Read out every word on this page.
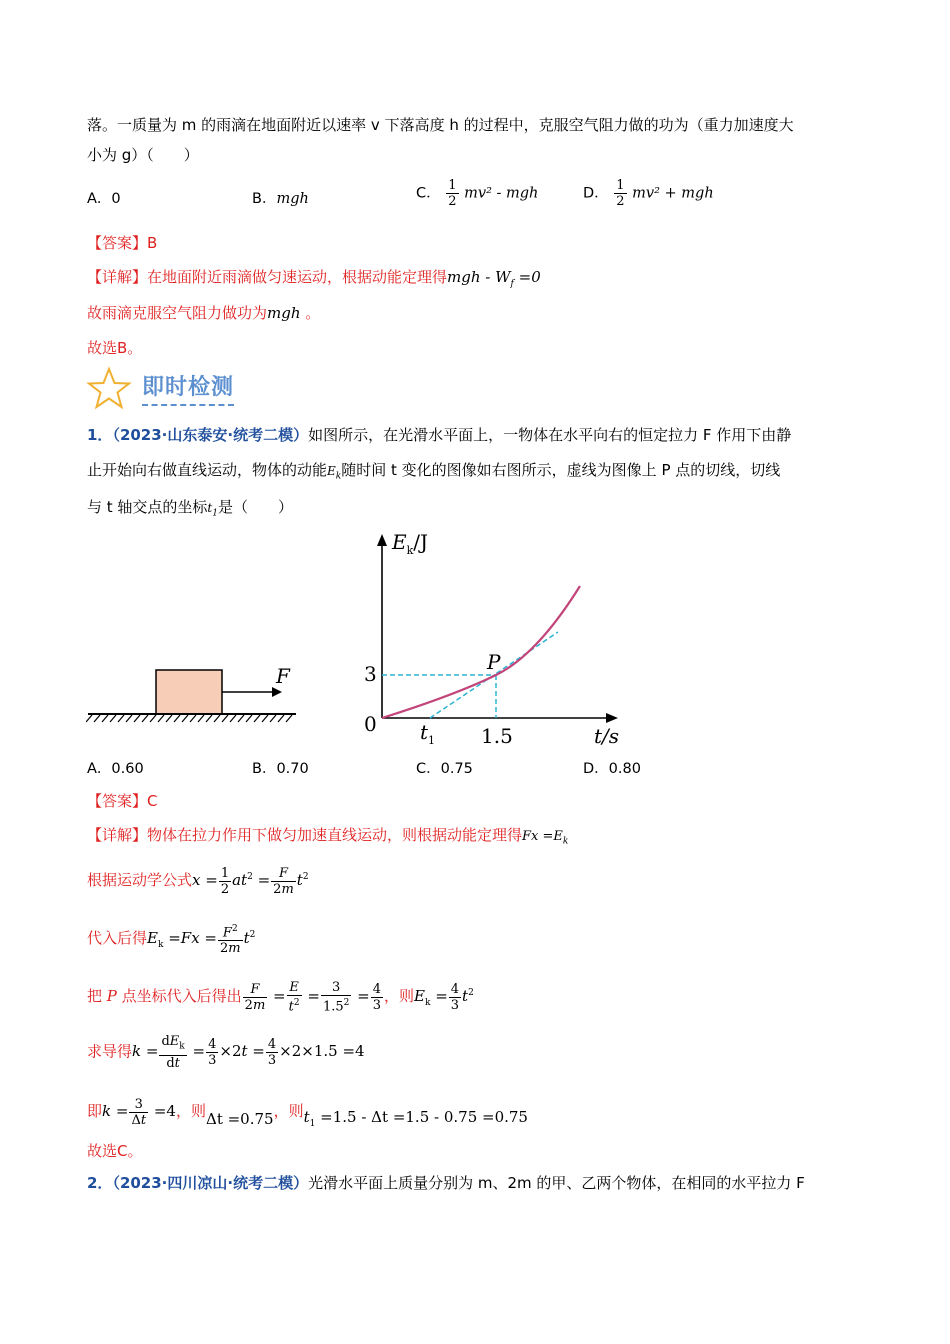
落。一质量为 m 的雨滴在地面附近以速率 v 下落高度 h 的过程中，克服空气阻力做的功为（重力加速度大
小为 g）（　　）
A．0	B．mgh	C． $\frac{1}{2} mv^2$ - mgh	D． $\frac{1}{2} mv^2$ + mgh
【答案】B
【详解】在地面附近雨滴做匀速运动，根据动能定理得mgh - $W_f =0$
故雨滴克服空气阻力做功为mgh 。
故选B。
即时检测
1．（2023·山东泰安·统考二模）如图所示，在光滑水平面上，一物体在水平向右的恒定拉力 F 作用下由静
止开始向右做直线运动，物体的动能$E_k$随时间 t 变化的图像如右图所示，虚线为图像上 P 点的切线，切线
与 t 轴交点的坐标$t_1$是（　　）
F
$E_k/J$
3
0
P
$t_1$ 1.5	t/s
A．0.60	B．0.70	C．0.75	D．0.80
【答案】C
【详解】物体在拉力作用下做匀加速直线运动，则根据动能定理得$Fx =E_k$
根据运动学公式$x = \frac{1}{2} at^2 = \frac{F}{2m} t^2$
代入后得$E_k =Fx = \frac{F^2}{2m} t^2$
把 P 点坐标代入后得出 $\frac{F}{2m} = \frac{E}{t^2} = \frac{3}{1.5^2} = \frac{4}{3}$ ，则$E_k = \frac{4}{3} t^2$
求导得$k = \frac{dE_k}{dt} = \frac{4}{3} \times 2t = \frac{4}{3} \times 2\times 1.5 =4$
即$k = \frac{3}{\Delta t} =4$，则Δt =0.75，则$t_1 =1.5 - \Delta t =1.5 - 0.75 =0.75$
故选C。
2．（2023·四川凉山·统考二模）光滑水平面上质量分别为 m、2m 的甲、乙两个物体，在相同的水平拉力 F
